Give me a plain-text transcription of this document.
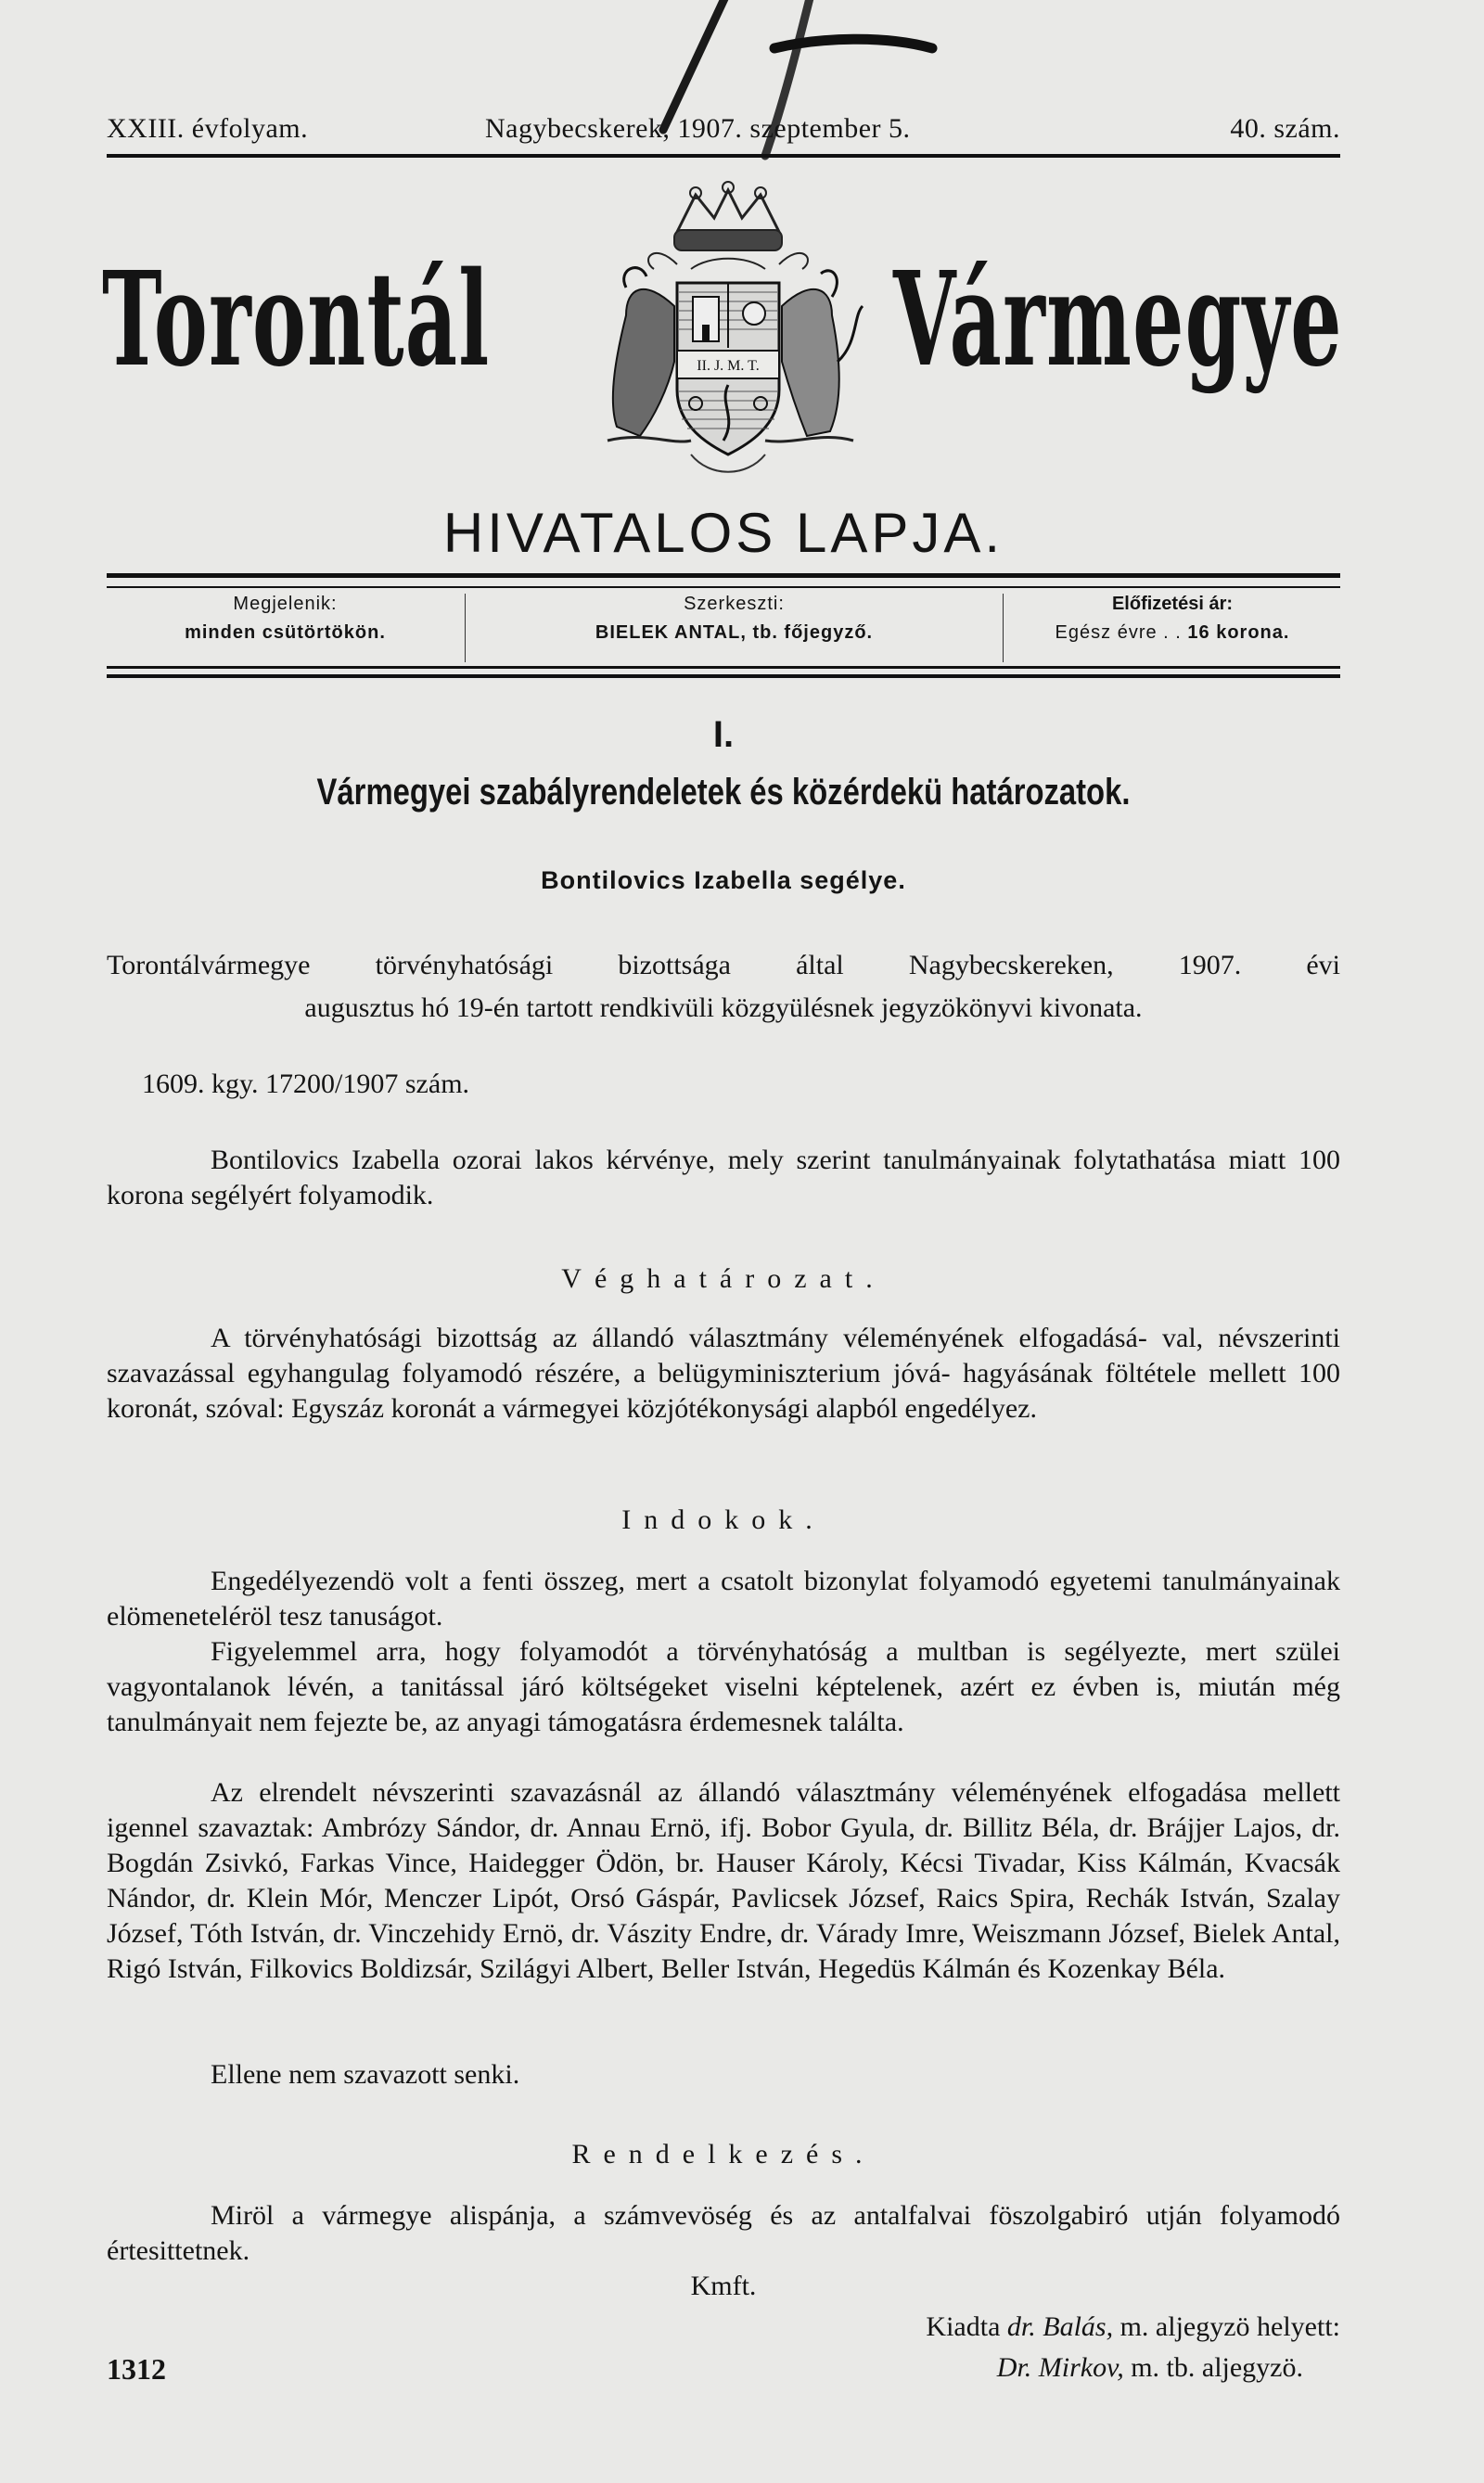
XXIII. évfolyam.	Nagybecskerek, 1907. szeptember 5.	40. szám.
Torontál	Vármegye
II. J. M. T.
HIVATALOS LAPJA.
Megjelenik:
minden csütörtökön.
Szerkeszti:
BIELEK ANTAL, tb. főjegyző.
Előfizetési ár:
Egész évre . . 16 korona.
I.
Vármegyei szabályrendeletek és közérdekü határozatok.
Bontilovics Izabella segélye.
Torontálvármegye törvényhatósági bizottsága által Nagybecskereken, 1907. évi
augusztus hó 19-én tartott rendkivüli közgyülésnek jegyzökönyvi kivonata.
1609. kgy. 17200/1907 szám.
Bontilovics Izabella ozorai lakos kérvénye, mely szerint tanulmányainak folytathatása miatt 100 korona segélyért folyamodik.
Véghatározat.
A törvényhatósági bizottság az állandó választmány véleményének elfogadásá- val, névszerinti szavazással egyhangulag folyamodó részére, a belügyminiszterium jóvá- hagyásának föltétele mellett 100 koronát, szóval: Egyszáz koronát a vármegyei közjótékonysági alapból engedélyez.
Indokok.
Engedélyezendö volt a fenti összeg, mert a csatolt bizonylat folyamodó egyetemi tanulmányainak elömeneteléröl tesz tanuságot.
Figyelemmel arra, hogy folyamodót a törvényhatóság a multban is segélyezte, mert szülei vagyontalanok lévén, a tanitással járó költségeket viselni képtelenek, azért ez évben is, miután még tanulmányait nem fejezte be, az anyagi támogatásra érdemesnek találta.
Az elrendelt névszerinti szavazásnál az állandó választmány véleményének elfogadása mellett igennel szavaztak: Ambrózy Sándor, dr. Annau Ernö, ifj. Bobor Gyula, dr. Billitz Béla, dr. Brájjer Lajos, dr. Bogdán Zsivkó, Farkas Vince, Haidegger Ödön, br. Hauser Károly, Kécsi Tivadar, Kiss Kálmán, Kvacsák Nándor, dr. Klein Mór, Menczer Lipót, Orsó Gáspár, Pavlicsek József, Raics Spira, Rechák István, Szalay József, Tóth István, dr. Vinczehidy Ernö, dr. Vászity Endre, dr. Várady Imre, Weiszmann József, Bielek Antal, Rigó István, Filkovics Boldizsár, Szilágyi Albert, Beller István, Hegedüs Kálmán és Kozenkay Béla.
Ellene nem szavazott senki.
Rendelkezés.
Miröl a vármegye alispánja, a számvevöség és az antalfalvai föszolgabiró utján folyamodó értesittetnek.
Kmft.
Kiadta dr. Balás, m. aljegyzö helyett:
Dr. Mirkov, m. tb. aljegyzö.
1312
